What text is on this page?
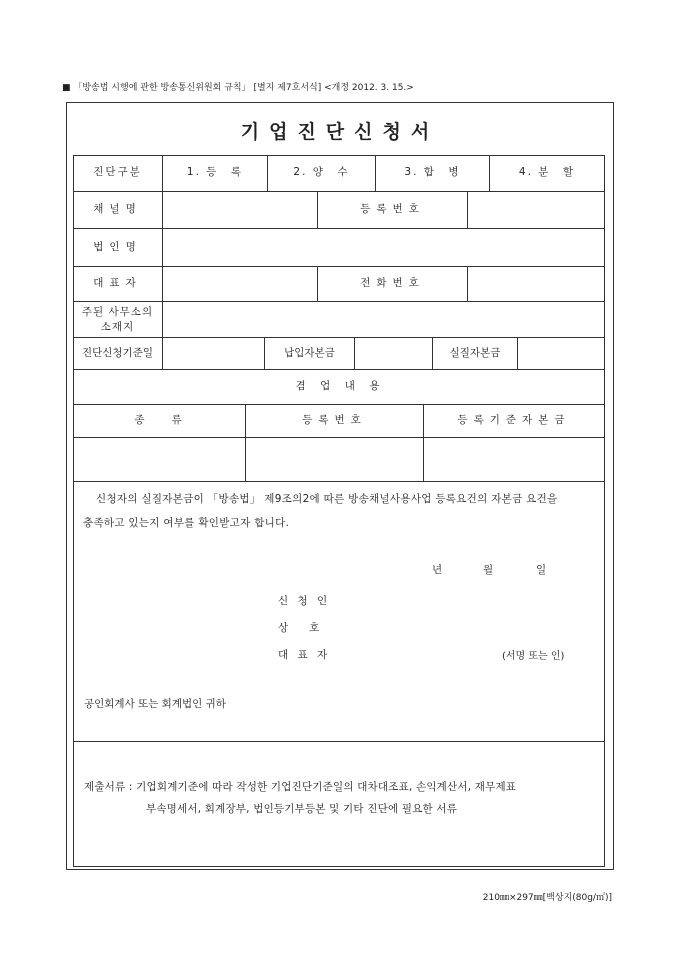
■ 「방송법 시행에 관한 방송통신위원회 규칙」 [별지 제7호서식] <개정 2012. 3. 15.>
기업진단신청서
진단구분	1. 등　록	2. 양　수	3. 합　병	4. 분　할
채널명	등록번호
법인명
대표자	전화번호
주된 사무소의
소재지
진단신청기준일	납입자본금	실질자본금
겸　업　내　용
종　　류	등록번호	등록기준자본금
신청자의 실질자본금이 「방송법」 제9조의2에 따른 방송채널사용사업 등록요건의 자본금 요건을
충족하고 있는지 여부를 확인받고자 합니다.
년	월	일
신 청 인
상　　호
대 표 자	(서명 또는 인)
공인회계사 또는 회계법인 귀하
제출서류 : 기업회계기준에 따라 작성한 기업진단기준일의 대차대조표, 손익계산서, 재무제표
부속명세서, 회계장부, 법인등기부등본 및 기타 진단에 필요한 서류
210㎜×297㎜[백상지(80g/㎡)]
